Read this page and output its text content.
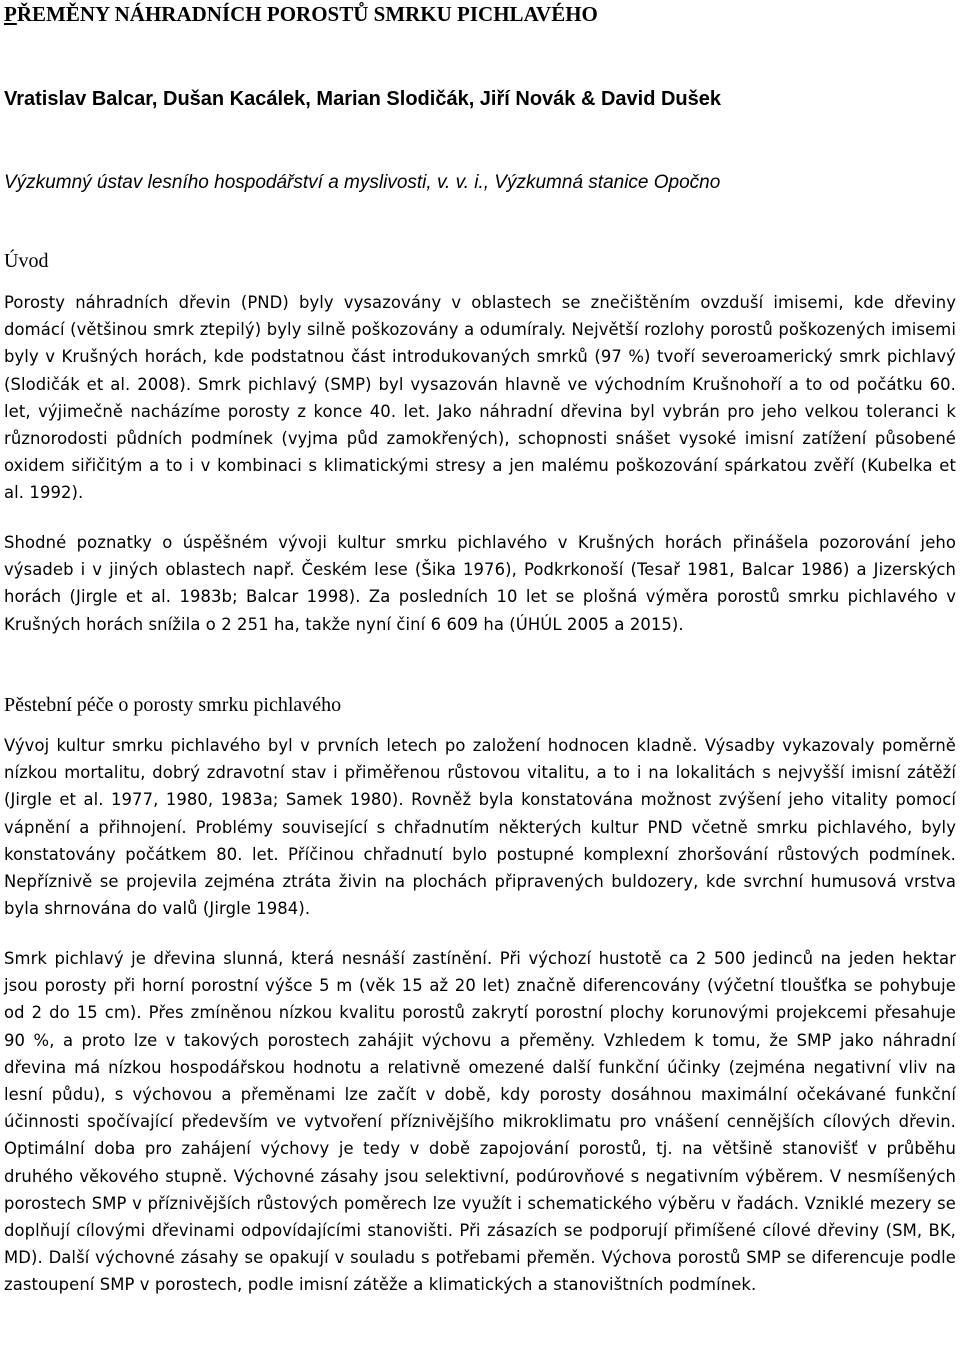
PŘEMĚNY NÁHRADNÍCH POROSTŮ SMRKU PICHLAVÉHO

Vratislav Balcar, Dušan Kacálek, Marian Slodičák, Jiří Novák & David Dušek

Výzkumný ústav lesního hospodářství a myslivosti, v. v. i., Výzkumná stanice Opočno

Úvod

Porosty náhradních dřevin (PND) byly vysazovány v oblastech se znečištěním ovzduší imisemi, kde dřeviny domácí (většinou smrk ztepilý) byly silně poškozovány a odumíraly. Největší rozlohy porostů poškozených imisemi byly v Krušných horách, kde podstatnou část introdukovaných smrků (97 %) tvoří severoamerický smrk pichlavý (Slodičák et al. 2008). Smrk pichlavý (SMP) byl vysazován hlavně ve východním Krušnohoří a to od počátku 60. let, výjimečně nacházíme porosty z konce 40. let. Jako náhradní dřevina byl vybrán pro jeho velkou toleranci k různorodosti půdních podmínek (vyjma půd zamokřených), schopnosti snášet vysoké imisní zatížení působené oxidem siřičitým a to i v kombinaci s klimatickými stresy a jen malému poškozování spárkatou zvěří (Kubelka et al. 1992).

Shodné poznatky o úspěšném vývoji kultur smrku pichlavého v Krušných horách přinášela pozorování jeho výsadeb i v jiných oblastech např. Českém lese (Šika 1976), Podkrkonoší (Tesař 1981, Balcar 1986) a Jizerských horách (Jirgle et al. 1983b; Balcar 1998). Za posledních 10 let se plošná výměra porostů smrku pichlavého v Krušných horách snížila o 2 251 ha, takže nyní činí 6 609 ha (ÚHÚL 2005 a 2015).

Pěstební péče o porosty smrku pichlavého

Vývoj kultur smrku pichlavého byl v prvních letech po založení hodnocen kladně. Výsadby vykazovaly poměrně nízkou mortalitu, dobrý zdravotní stav i přiměřenou růstovou vitalitu, a to i na lokalitách s nejvyšší imisní zátěží (Jirgle et al. 1977, 1980, 1983a; Samek 1980). Rovněž byla konstatována možnost zvýšení jeho vitality pomocí vápnění a přihnojení. Problémy související s chřadnutím některých kultur PND včetně smrku pichlavého, byly konstatovány počátkem 80. let. Příčinou chřadnutí bylo postupné komplexní zhoršování růstových podmínek. Nepříznivě se projevila zejména ztráta živin na plochách připravených buldozery, kde svrchní humusová vrstva byla shrnována do valů (Jirgle 1984).

Smrk pichlavý je dřevina slunná, která nesnáší zastínění. Při výchozí hustotě ca 2 500 jedinců na jeden hektar jsou porosty při horní porostní výšce 5 m (věk 15 až 20 let) značně diferencovány (výčetní tloušťka se pohybuje od 2 do 15 cm). Přes zmíněnou nízkou kvalitu porostů zakrytí porostní plochy korunovými projekcemi přesahuje 90 %, a proto lze v takových porostech zahájit výchovu a přeměny. Vzhledem k tomu, že SMP jako náhradní dřevina má nízkou hospodářskou hodnotu a relativně omezené další funkční účinky (zejména negativní vliv na lesní půdu), s výchovou a přeměnami lze začít v době, kdy porosty dosáhnou maximální očekávané funkční účinnosti spočívající především ve vytvoření příznivějšího mikroklimatu pro vnášení cennějších cílových dřevin. Optimální doba pro zahájení výchovy je tedy v době zapojování porostů, tj. na většině stanovišť v průběhu druhého věkového stupně. Výchovné zásahy jsou selektivní, podúrovňové s negativním výběrem. V nesmíšených porostech SMP v příznivějších růstových poměrech lze využít i schematického výběru v řadách. Vzniklé mezery se doplňují cílovými dřevinami odpovídajícími stanovišti. Při zásazích se podporují přimíšené cílové dřeviny (SM, BK, MD). Další výchovné zásahy se opakují v souladu s potřebami přeměn. Výchova porostů SMP se diferencuje podle zastoupení SMP v porostech, podle imisní zátěže a klimatických a stanovištních podmínek.
